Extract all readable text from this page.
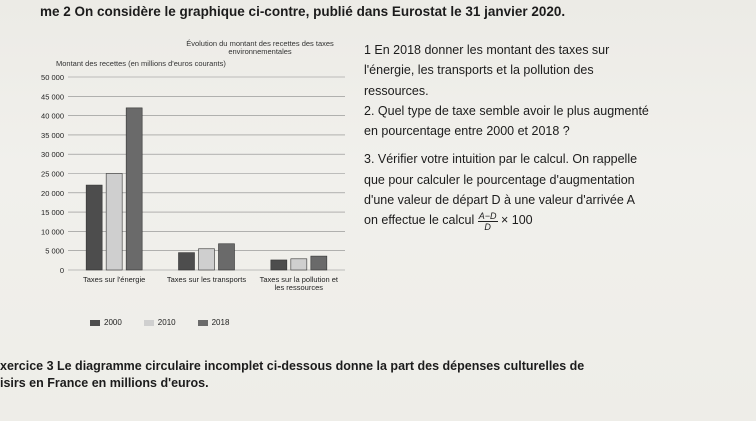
me 2 On considère le graphique ci-contre, publié dans Eurostat le 31 janvier 2020.
Évolution du montant des recettes des taxes environnementales
Montant des recettes (en millions d'euros courants)
50 000
45 000
40 000
35 000
30 000
25 000
20 000
15 000
10 000
5 000
0
Taxes sur l'énergie	Taxes sur les transports Taxes sur la pollution et les ressources
2000	2010	2018

1 En 2018 donner les montant des taxes sur

l'énergie, les transports et la pollution des

ressources.

2. Quel type de taxe semble avoir le plus augmenté

en pourcentage entre 2000 et 2018 ?

3. Vérifier votre intuition par le calcul. On rappelle

que pour calculer le pourcentage d'augmentation

d'une valeur de départ D à une valeur d'arrivée A

on effectue le calcul $\frac{A-D}{D} \times 100$

xercice 3 Le diagramme circulaire incomplet ci-dessous donne la part des dépenses culturelles de

isirs en France en millions d'euros.
